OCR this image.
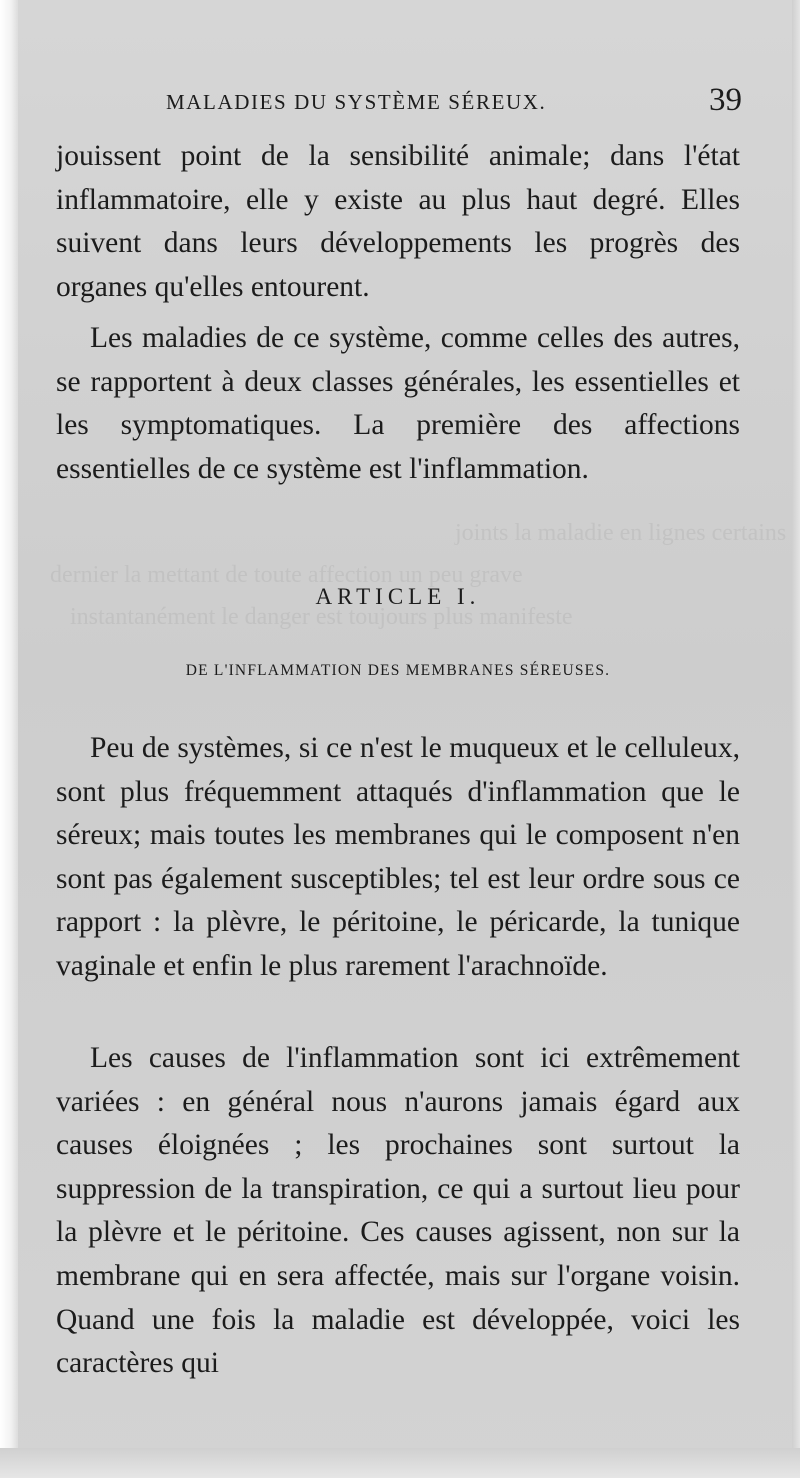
joints la maladie en lignes certains
dernier la mettant de toute affection un peu grave
instantanément le danger est toujours plus manifeste
MALADIES DU SYSTÈME SÉREUX.	39

jouissent point de la sensibilité animale; dans l'état inflammatoire, elle y existe au plus haut degré. Elles suivent dans leurs développements les progrès des organes qu'elles entourent.

Les maladies de ce système, comme celles des autres, se rapportent à deux classes générales, les essentielles et les symptomatiques. La première des affections essentielles de ce système est l'inflammation.

ARTICLE I.
DE L'INFLAMMATION DES MEMBRANES SÉREUSES.

Peu de systèmes, si ce n'est le muqueux et le celluleux, sont plus fréquemment attaqués d'inflammation que le séreux; mais toutes les membranes qui le composent n'en sont pas également susceptibles; tel est leur ordre sous ce rapport : la plèvre, le péritoine, le péricarde, la tunique vaginale et enfin le plus rarement l'arachnoïde.

Les causes de l'inflammation sont ici extrêmement variées : en général nous n'aurons jamais égard aux causes éloignées ; les prochaines sont surtout la suppression de la transpiration, ce qui a surtout lieu pour la plèvre et le péritoine. Ces causes agissent, non sur la membrane qui en sera affectée, mais sur l'organe voisin. Quand une fois la maladie est développée, voici les caractères qui
